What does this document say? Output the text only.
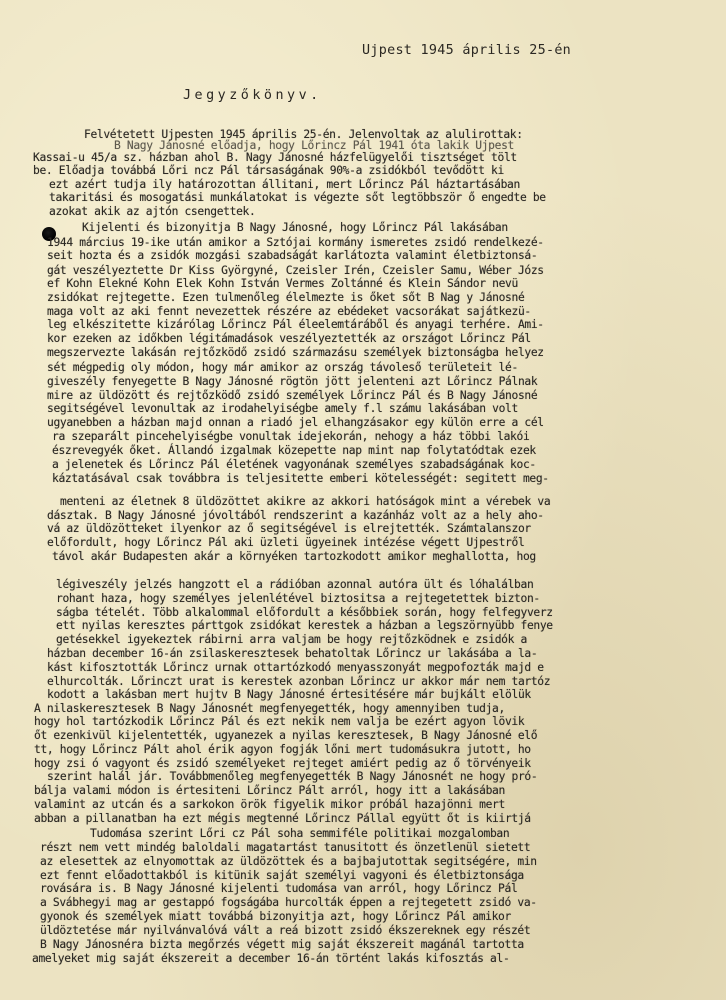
Ujpest 1945 április 25-én
Jegyzőkönyv.
Felvétetett Ujpesten 1945 április 25-én. Jelenvoltak az alulirottak:
B Nagy Jánosné előadja, hogy Lőrincz Pál 1941 óta lakik Ujpest
Kassai-u 45/a sz. házban ahol B. Nagy Jánosné házfelügyelői tisztséget tölt
be. Előadja továbbá Lőri ncz Pál társaságának 90%-a zsidókból tevődött ki
ezt azért tudja ily határozottan állitani, mert Lőrincz Pál háztartásában
takaritási és mosogatási munkálatokat is végezte sőt legtöbbször ő engedte be
azokat akik az ajtón csengettek.
Kijelenti és bizonyitja B Nagy Jánosné, hogy Lőrincz Pál lakásában
1944 március 19-ike után amikor a Sztójai kormány ismeretes zsidó rendelkezé-
seit hozta és a zsidók mozgási szabadságát karlátozta valamint életbiztonsá-
gát veszélyeztette Dr Kiss Györgyné, Czeisler Irén, Czeisler Samu, Wéber Józs
ef Kohn Elekné Kohn Elek Kohn István Vermes Zoltánné és Klein Sándor nevü
zsidókat rejtegette. Ezen tulmenőleg élelmezte is őket sőt B Nag y Jánosné
maga volt az aki fennt nevezettek részére az ebédeket vacsorákat sajátkezü-
leg elkészitette kizárólag Lőrincz Pál éleelemtáráből és anyagi terhére. Ami-
kor ezeken az időkben légitámadások veszélyeztették az országot Lőrincz Pál
megszervezte lakásán rejtőzködő zsidó származásu személyek biztonságba helyez
sét mégpedig oly módon, hogy már amikor az ország távoleső területeit lé-
giveszély fenyegette B Nagy Jánosné rögtön jött jelenteni azt Lőrincz Pálnak
mire az üldözött és rejtőzködő zsidó személyek Lőrincz Pál és B Nagy Jánosné
segitségével levonultak az irodahelyiségbe amely f.l számu lakásában volt
ugyanebben a házban majd onnan a riadó jel elhangzásakor egy külön erre a cél
ra szeparált pincehelyiségbe vonultak idejekorán, nehogy a ház többi lakói
észrevegyék őket. Állandó izgalmak közepette nap mint nap folytatódtak ezek
a jelenetek és Lőrincz Pál életének vagyonának személyes szabadságának koc-
káztatásával csak továbbra is teljesitette emberi kötelességét: segitett meg-
menteni az életnek 8 üldözöttet akikre az akkori hatóságok mint a vérebek va
dásztak. B Nagy Jánosné jóvoltából rendszerint a kazánház volt az a hely aho-
vá az üldözötteket ilyenkor az ő segitségével is elrejtették. Számtalanszor
előfordult, hogy Lőrincz Pál aki üzleti ügyeinek intézése végett Ujpestről
távol akár Budapesten akár a környéken tartozkodott amikor meghallotta, hog
légiveszély jelzés hangzott el a rádióban azonnal autóra ült és lóhalálban
rohant haza, hogy személyes jelenlétével biztositsa a rejtegetettek bizton-
ságba tételét. Több alkalommal előfordult a későbbiek során, hogy felfegyverz
ett nyilas keresztes párttgok zsidókat kerestek a házban a legszörnyübb fenye
getésekkel igyekeztek rábirni arra valjam be hogy rejtőzködnek e zsidók a
házban december 16-án zsilaskeresztesek behatoltak Lőrincz ur lakásába a la-
kást kifosztották Lőrincz urnak ottartózkodó menyasszonyát megpofozták majd e
elhurcolták. Lőrinczt urat is kerestek azonban Lőrincz ur akkor már nem tartóz
kodott a lakásban mert hujtv B Nagy Jánosné értesitésére már bujkált elölük
A nilaskeresztesek B Nagy Jánosnét megfenyegették, hogy amennyiben tudja,
hogy hol tartózkodik Lőrincz Pál és ezt nekik nem valja be ezért agyon lövik
őt ezenkivül kijelentették, ugyanezek a nyilas keresztesek, B Nagy Jánosné elő
tt, hogy Lőrincz Pált ahol érik agyon fogják lőni mert tudomásukra jutott, ho
hogy zsi ó vagyont és zsidó személyeket rejteget amiért pedig az ő törvényeik
szerint halál jár. Továbbmenőleg megfenyegették B Nagy Jánosnét ne hogy pró-
bálja valami módon is értesiteni Lőrincz Pált arról, hogy itt a lakásában
valamint az utcán és a sarkokon örök figyelik mikor próbál hazajönni mert
abban a pillanatban ha ezt mégis megtenné Lőrincz Pállal együtt őt is kiirtjá
Tudomása szerint Lőri cz Pál soha semmiféle politikai mozgalomban
részt nem vett mindég baloldali magatartást tanusitott és önzetlenül sietett
az elesettek az elnyomottak az üldözöttek és a bajbajutottak segitségére, min
ezt fennt előadottakból is kitünik saját személyi vagyoni és életbiztonsága
rovására is. B Nagy Jánosné kijelenti tudomása van arról, hogy Lőrincz Pál
a Svábhegyi mag ar gestappó fogságába hurcolták éppen a rejtegetett zsidó va-
gyonok és személyek miatt továbbá bizonyitja azt, hogy Lőrincz Pál amikor
üldöztetése már nyilvánvalóvá vált a reá bizott zsidó ékszereknek egy részét
B Nagy Jánosnéra bizta megőrzés végett mig saját ékszereit magánál tartotta
amelyeket mig saját ékszereit a december 16-án történt lakás kifosztás al-
